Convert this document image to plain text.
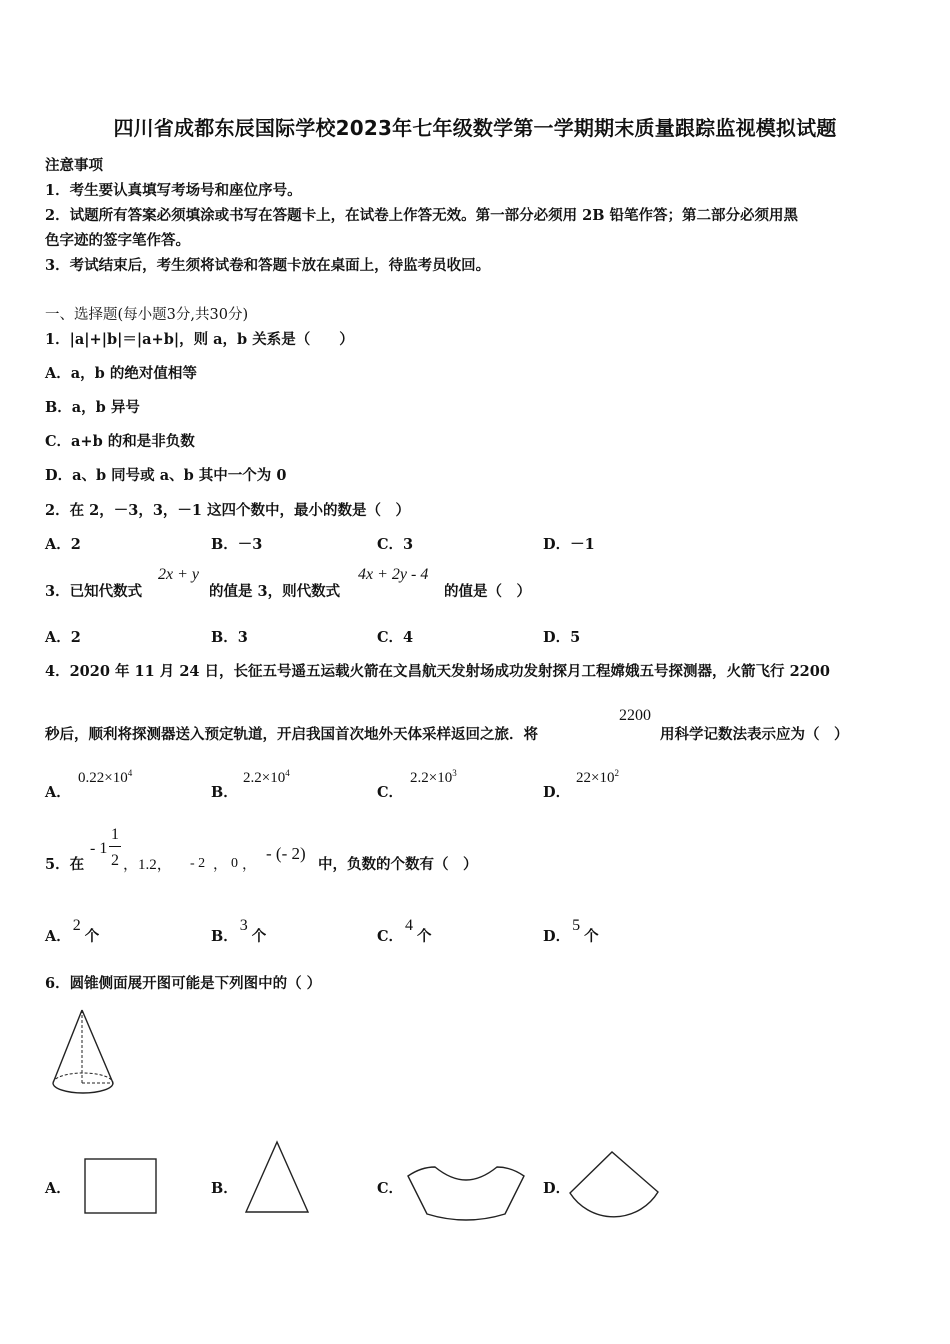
四川省成都东辰国际学校2023年七年级数学第一学期期末质量跟踪监视模拟试题
注意事项
1．考生要认真填写考场号和座位序号。
2．试题所有答案必须填涂或书写在答题卡上，在试卷上作答无效。第一部分必须用 2B 铅笔作答；第二部分必须用黑
色字迹的签字笔作答。
3．考试结束后，考生须将试卷和答题卡放在桌面上，待监考员收回。
一、选择题(每小题3分,共30分)
1．|a|+|b|＝|a+b|，则 a，b 关系是（　　）
A．a，b 的绝对值相等
B．a，b 异号
C．a+b 的和是非负数
D．a、b 同号或 a、b 其中一个为 0
2．在 2，－3，3，－1 这四个数中，最小的数是（　）
A．2	B．－3	C．3	D．－1
3．已知代数式
2x + y
的值是 3，则代数式
4x + 2y - 4
的值是（　）
A．2	B．3	C．4	D．5
4．2020 年 11 月 24 日，长征五号遥五运载火箭在文昌航天发射场成功发射探月工程嫦娥五号探测器，火箭飞行 2200
秒后，顺利将探测器送入预定轨道，开启我国首次地外天体采样返回之旅．将
2200
用科学记数法表示应为（　）
A．
$0.22\times 10^4$
B．
$2.2\times 10^4$
C．
$2.2\times 10^3$
D．
$22\times 10^2$
5．在
- 1
1
2 ，1.2， - 2 ， 0 ，
- (- 2)
中，负数的个数有（　）
A．2个	B．3个	C．4个	D．5个
6．圆锥侧面展开图可能是下列图中的（ ）
A．	B．	C．	D．
